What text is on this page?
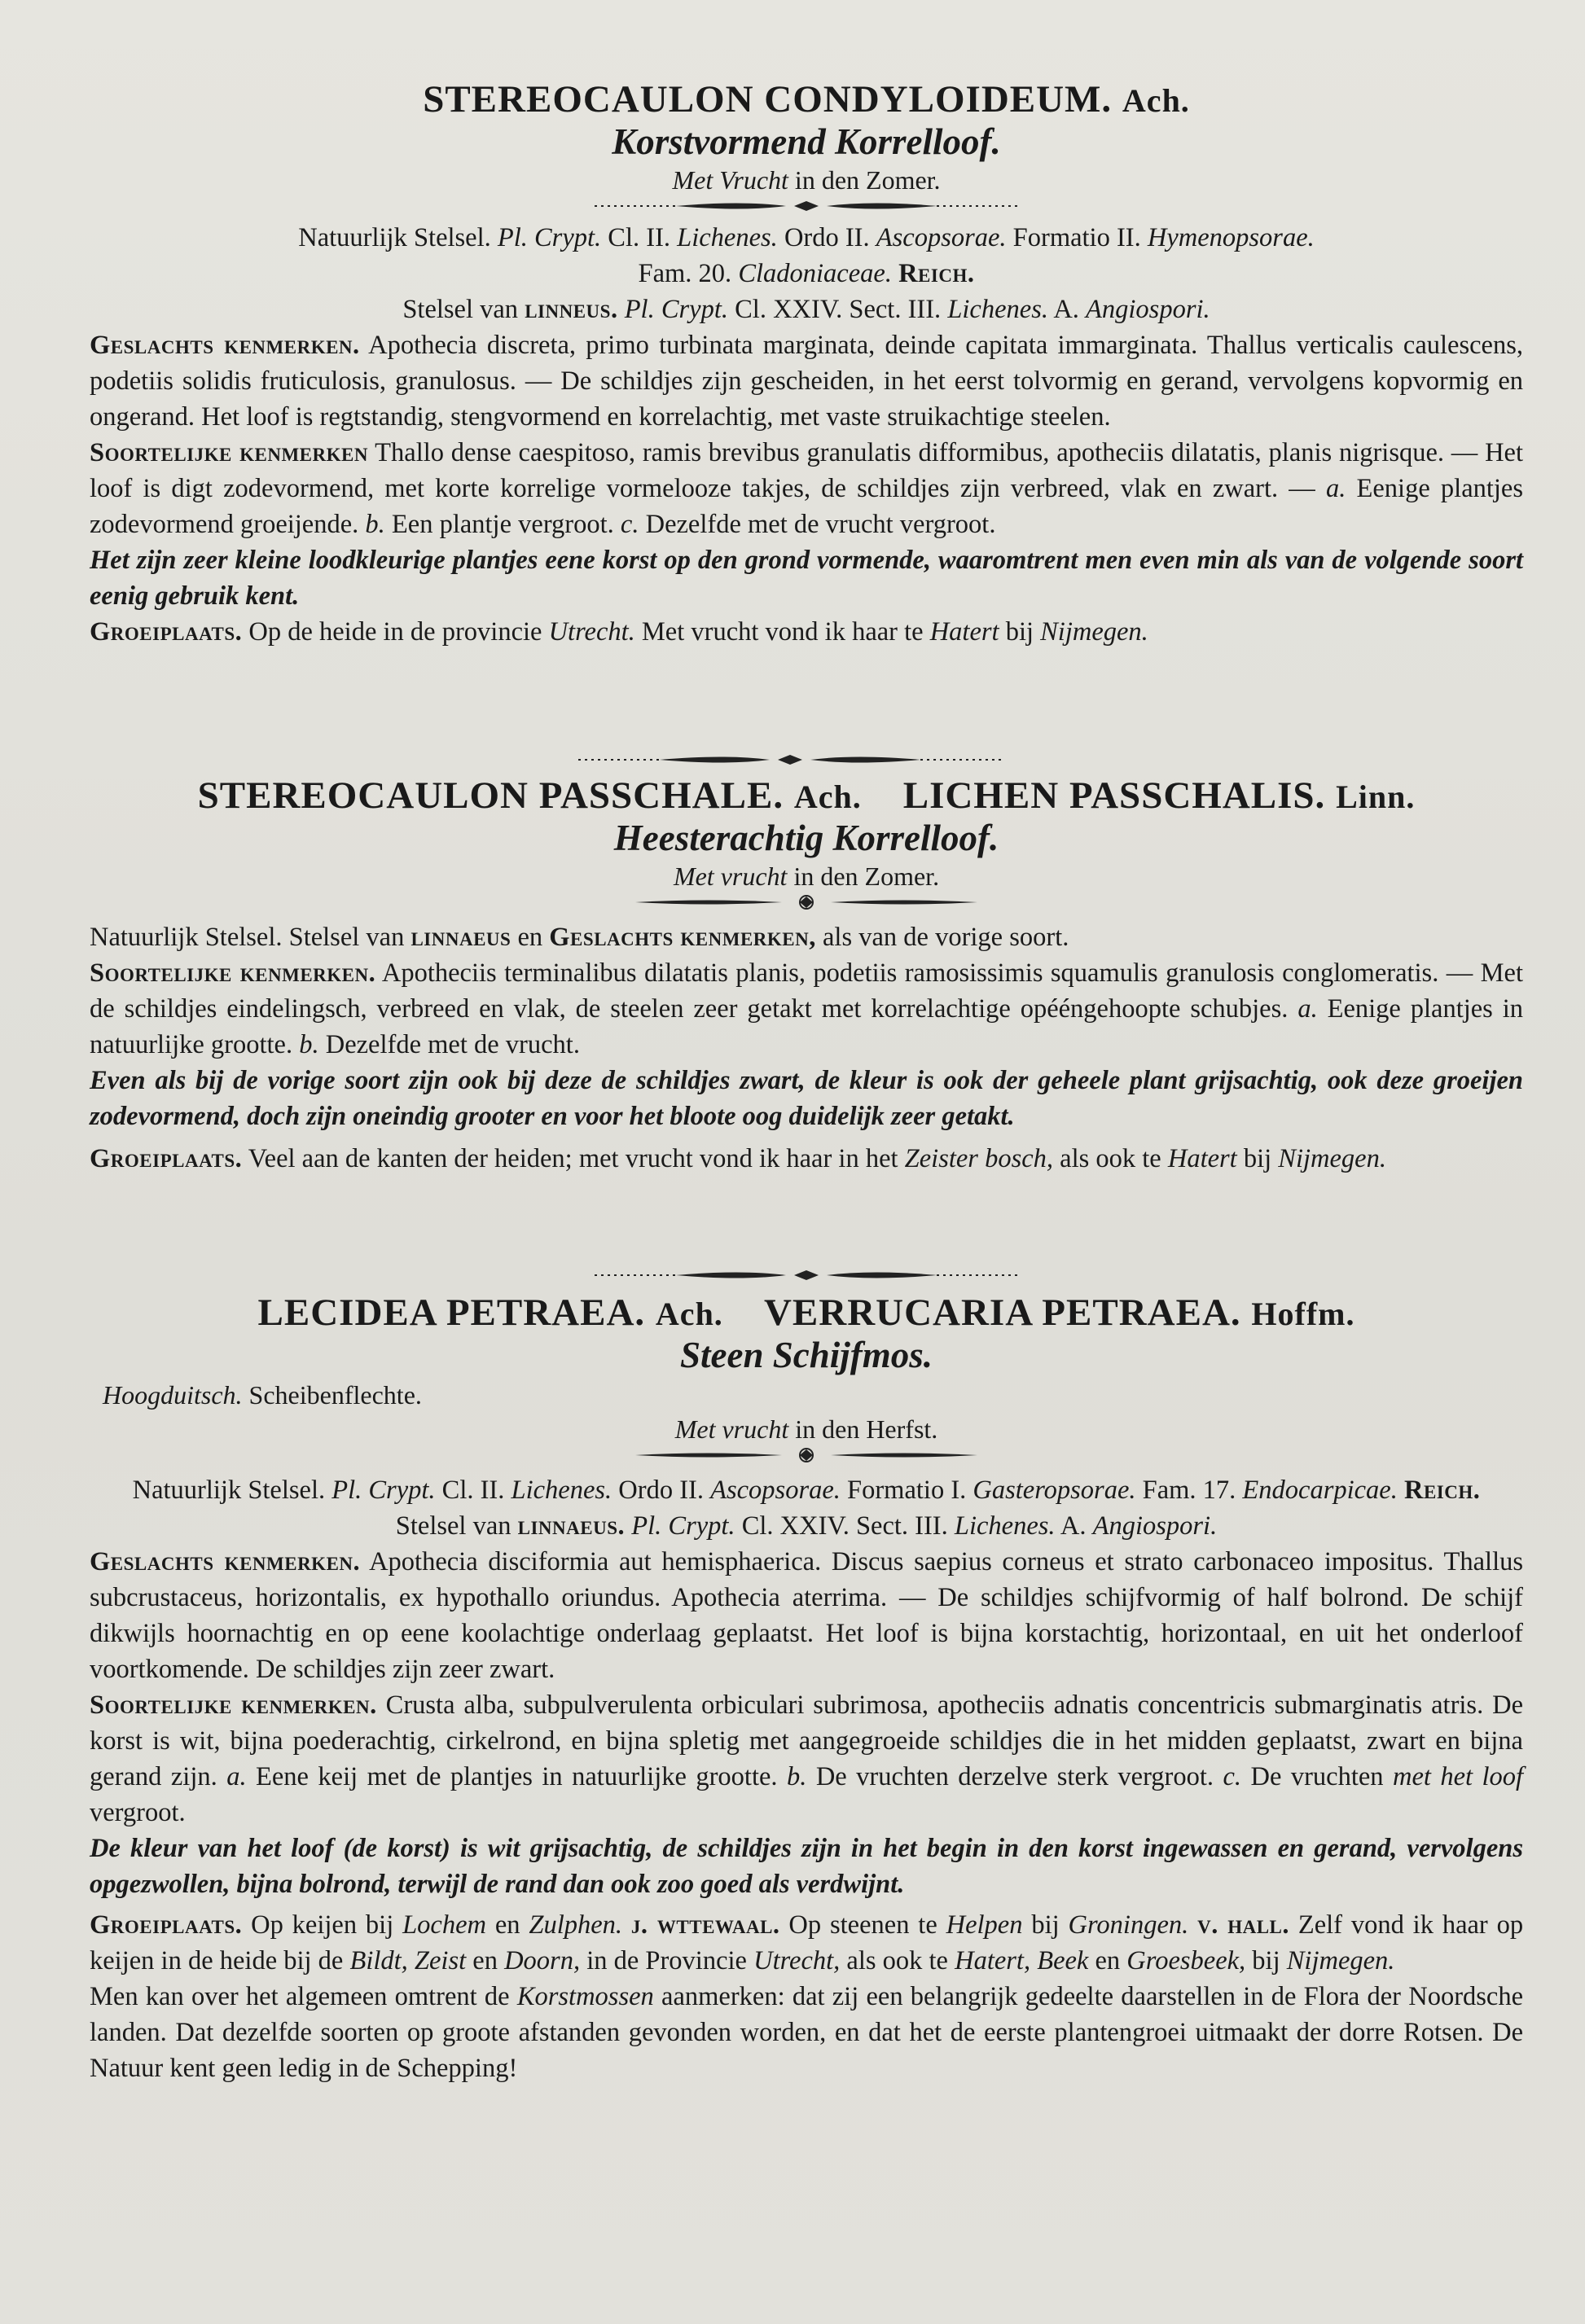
STEREOCAULON CONDYLOIDEUM. Ach.
Korstvormend Korrelloof.
Met Vrucht in den Zomer.

Natuurlijk Stelsel. Pl. Crypt. Cl. II. Lichenes. Ordo II. Ascopsorae. Formatio II. Hymenopsorae.

Fam. 20. Cladoniaceae. Reich.

Stelsel van linneus. Pl. Crypt. Cl. XXIV. Sect. III. Lichenes. A. Angiospori.

Geslachts kenmerken. Apothecia discreta, primo turbinata marginata, deinde capitata immarginata. Thallus verticalis caulescens, podetiis solidis fruticulosis, granulosus. — De schildjes zijn gescheiden, in het eerst tolvormig en gerand, vervolgens kopvormig en ongerand. Het loof is regtstandig, stengvormend en korrelachtig, met vaste struikachtige steelen.

Soortelijke kenmerken Thallo dense caespitoso, ramis brevibus granulatis difformibus, apotheciis dilatatis, planis nigrisque. — Het loof is digt zodevormend, met korte korrelige vormelooze takjes, de schildjes zijn verbreed, vlak en zwart. — a. Eenige plantjes zodevormend groeijende. b. Een plantje vergroot. c. Dezelfde met de vrucht vergroot.

Het zijn zeer kleine loodkleurige plantjes eene korst op den grond vormende, waaromtrent men even min als van de volgende soort eenig gebruik kent.

Groeiplaats. Op de heide in de provincie Utrecht. Met vrucht vond ik haar te Hatert bij Nijmegen.

STEREOCAULON PASSCHALE. Ach. LICHEN PASSCHALIS. Linn.
Heesterachtig Korrelloof.
Met vrucht in den Zomer.

Natuurlijk Stelsel. Stelsel van linnaeus en Geslachts kenmerken, als van de vorige soort.

Soortelijke kenmerken. Apotheciis terminalibus dilatatis planis, podetiis ramosissimis squamulis granulosis conglomeratis. — Met de schildjes eindelingsch, verbreed en vlak, de steelen zeer getakt met korrelachtige opééngehoopte schubjes. a. Eenige plantjes in natuurlijke grootte. b. Dezelfde met de vrucht.

Even als bij de vorige soort zijn ook bij deze de schildjes zwart, de kleur is ook der geheele plant grijsachtig, ook deze groeijen zodevormend, doch zijn oneindig grooter en voor het bloote oog duidelijk zeer getakt.

Groeiplaats. Veel aan de kanten der heiden; met vrucht vond ik haar in het Zeister bosch, als ook te Hatert bij Nijmegen.

LECIDEA PETRAEA. Ach. VERRUCARIA PETRAEA. Hoffm.
Steen Schijfmos.
Hoogduitsch. Scheibenflechte.
Met vrucht in den Herfst.

Natuurlijk Stelsel. Pl. Crypt. Cl. II. Lichenes. Ordo II. Ascopsorae. Formatio I. Gasteropsorae. Fam. 17. Endocarpicae. Reich.

Stelsel van linnaeus. Pl. Crypt. Cl. XXIV. Sect. III. Lichenes. A. Angiospori.

Geslachts kenmerken. Apothecia disciformia aut hemisphaerica. Discus saepius corneus et strato carbonaceo impositus. Thallus subcrustaceus, horizontalis, ex hypothallo oriundus. Apothecia aterrima. — De schildjes schijfvormig of half bolrond. De schijf dikwijls hoornachtig en op eene koolachtige onderlaag geplaatst. Het loof is bijna korstachtig, horizontaal, en uit het onderloof voortkomende. De schildjes zijn zeer zwart.

Soortelijke kenmerken. Crusta alba, subpulverulenta orbiculari subrimosa, apotheciis adnatis concentricis submarginatis atris. De korst is wit, bijna poederachtig, cirkelrond, en bijna spletig met aangegroeide schildjes die in het midden geplaatst, zwart en bijna gerand zijn. a. Eene keij met de plantjes in natuurlijke grootte. b. De vruchten derzelve sterk vergroot. c. De vruchten met het loof vergroot.

De kleur van het loof (de korst) is wit grijsachtig, de schildjes zijn in het begin in den korst ingewassen en gerand, vervolgens opgezwollen, bijna bolrond, terwijl de rand dan ook zoo goed als verdwijnt.

Groeiplaats. Op keijen bij Lochem en Zulphen. j. wttewaal. Op steenen te Helpen bij Groningen. v. hall. Zelf vond ik haar op keijen in de heide bij de Bildt, Zeist en Doorn, in de Provincie Utrecht, als ook te Hatert, Beek en Groesbeek, bij Nijmegen.

Men kan over het algemeen omtrent de Korstmossen aanmerken: dat zij een belangrijk gedeelte daarstellen in de Flora der Noordsche landen. Dat dezelfde soorten op groote afstanden gevonden worden, en dat het de eerste plantengroei uitmaakt der dorre Rotsen. De Natuur kent geen ledig in de Schepping!
